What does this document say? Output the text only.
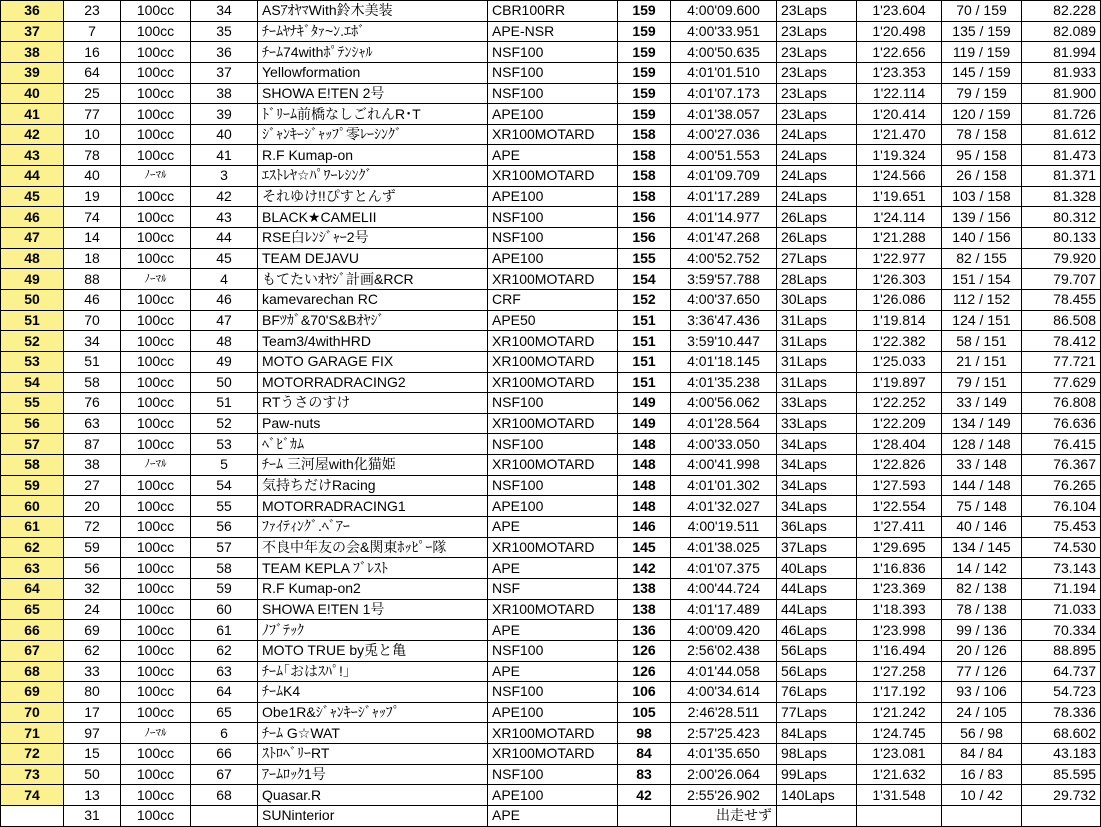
36	23	100cc	34	ASｱｵﾔﾏWith鈴木美装	CBR100RR	159	4:00'09.600	23Laps	1'23.604	70 / 159	82.228
37	7	100cc	35	ﾁｰﾑﾔﾅｷﾞﾀｧ~ﾝ.ｴﾎﾞ	APE-NSR	159	4:00'33.951	23Laps	1'20.498	135 / 159	82.089
38	16	100cc	36	ﾁｰﾑ74withﾎﾟﾃﾝｼｬﾙ	NSF100	159	4:00'50.635	23Laps	1'22.656	119 / 159	81.994
39	64	100cc	37	Yellowformation	NSF100	159	4:01'01.510	23Laps	1'23.353	145 / 159	81.933
40	25	100cc	38	SHOWA E!TEN 2号	NSF100	159	4:01'07.173	23Laps	1'22.114	79 / 159	81.900
41	77	100cc	39	ﾄﾞﾘｰﾑ前橋なしごれんR･T	APE100	159	4:01'38.057	23Laps	1'20.414	120 / 159	81.726
42	10	100cc	40	ｼﾞｬﾝｷｰｼﾞｬｯﾌﾟ零ﾚｰｼﾝｸﾞ	XR100MOTARD	158	4:00'27.036	24Laps	1'21.470	78 / 158	81.612
43	78	100cc	41	R.F Kumap-on	APE	158	4:00'51.553	24Laps	1'19.324	95 / 158	81.473
44	40	ﾉｰﾏﾙ	3	ｴｽﾄﾚﾔ☆ﾊﾟﾜｰﾚｼﾝｸﾞ	XR100MOTARD	158	4:01'09.709	24Laps	1'24.566	26 / 158	81.371
45	19	100cc	42	それゆけ!!ぴすとんず	APE100	158	4:01'17.289	24Laps	1'19.651	103 / 158	81.328
46	74	100cc	43	BLACK★CAMELII	NSF100	156	4:01'14.977	26Laps	1'24.114	139 / 156	80.312
47	14	100cc	44	RSE白ﾚﾝｼﾞｬｰ2号	NSF100	156	4:01'47.268	26Laps	1'21.288	140 / 156	80.133
48	18	100cc	45	TEAM DEJAVU	APE100	155	4:00'52.752	27Laps	1'22.977	82 / 155	79.920
49	88	ﾉｰﾏﾙ	4	もてたいｵﾔｼﾞ計画&RCR	XR100MOTARD	154	3:59'57.788	28Laps	1'26.303	151 / 154	79.707
50	46	100cc	46	kamevarechan RC	CRF	152	4:00'37.650	30Laps	1'26.086	112 / 152	78.455
51	70	100cc	47	BFﾂｶﾞ&70'S&Bｵﾔｼﾞ	APE50	151	3:36'47.436	31Laps	1'19.814	124 / 151	86.508
52	34	100cc	48	Team3/4withHRD	XR100MOTARD	151	3:59'10.447	31Laps	1'22.382	58 / 151	78.412
53	51	100cc	49	MOTO GARAGE FIX	XR100MOTARD	151	4:01'18.145	31Laps	1'25.033	21 / 151	77.721
54	58	100cc	50	MOTORRADRACING2	XR100MOTARD	151	4:01'35.238	31Laps	1'19.897	79 / 151	77.629
55	76	100cc	51	RTうさのすけ	NSF100	149	4:00'56.062	33Laps	1'22.252	33 / 149	76.808
56	63	100cc	52	Paw-nuts	XR100MOTARD	149	4:01'28.564	33Laps	1'22.209	134 / 149	76.636
57	87	100cc	53	ﾍﾞﾋﾞｶﾑ	NSF100	148	4:00'33.050	34Laps	1'28.404	128 / 148	76.415
58	38	ﾉｰﾏﾙ	5	ﾁｰﾑ 三河屋with化猫姫	XR100MOTARD	148	4:00'41.998	34Laps	1'22.826	33 / 148	76.367
59	27	100cc	54	気持ちだけRacing	NSF100	148	4:01'01.302	34Laps	1'27.593	144 / 148	76.265
60	20	100cc	55	MOTORRADRACING1	APE100	148	4:01'32.027	34Laps	1'22.554	75 / 148	76.104
61	72	100cc	56	ﾌｧｲﾃｨﾝｸﾞ.ﾍﾞｱｰ	APE	146	4:00'19.511	36Laps	1'27.411	40 / 146	75.453
62	59	100cc	57	不良中年友の会&関東ﾎｯﾋﾟｰ隊	XR100MOTARD	145	4:01'38.025	37Laps	1'29.695	134 / 145	74.530
63	56	100cc	58	TEAM KEPLA ﾌﾞﾚｽﾄ	APE	142	4:01'07.375	40Laps	1'16.836	14 / 142	73.143
64	32	100cc	59	R.F Kumap-on2	NSF	138	4:00'44.724	44Laps	1'23.369	82 / 138	71.194
65	24	100cc	60	SHOWA E!TEN 1号	XR100MOTARD	138	4:01'17.489	44Laps	1'18.393	78 / 138	71.033
66	69	100cc	61	ﾉﾌﾞﾃｯｸ	APE	136	4:00'09.420	46Laps	1'23.998	99 / 136	70.334
67	62	100cc	62	MOTO TRUE by兎と亀	NSF100	126	2:56'02.438	56Laps	1'16.494	20 / 126	88.895
68	33	100cc	63	ﾁｰﾑ｢おはｽﾊﾟ!｣	APE	126	4:01'44.058	56Laps	1'27.258	77 / 126	64.737
69	80	100cc	64	ﾁｰﾑK4	NSF100	106	4:00'34.614	76Laps	1'17.192	93 / 106	54.723
70	17	100cc	65	Obe1R&ｼﾞｬﾝｷｰｼﾞｬｯﾌﾟ	APE100	105	2:46'28.511	77Laps	1'21.242	24 / 105	78.336
71	97	ﾉｰﾏﾙ	6	ﾁｰﾑ G☆WAT	XR100MOTARD	98	2:57'25.423	84Laps	1'24.745	56 / 98	68.602
72	15	100cc	66	ｽﾄﾛﾍﾞﾘｰRT	XR100MOTARD	84	4:01'35.650	98Laps	1'23.081	84 / 84	43.183
73	50	100cc	67	ｱｰﾑﾛｯｸ1号	NSF100	83	2:00'26.064	99Laps	1'21.632	16 / 83	85.595
74	13	100cc	68	Quasar.R	APE100	42	2:55'26.902	140Laps	1'31.548	10 / 42	29.732
	31	100cc		SUNinterior	APE		出走せず				
